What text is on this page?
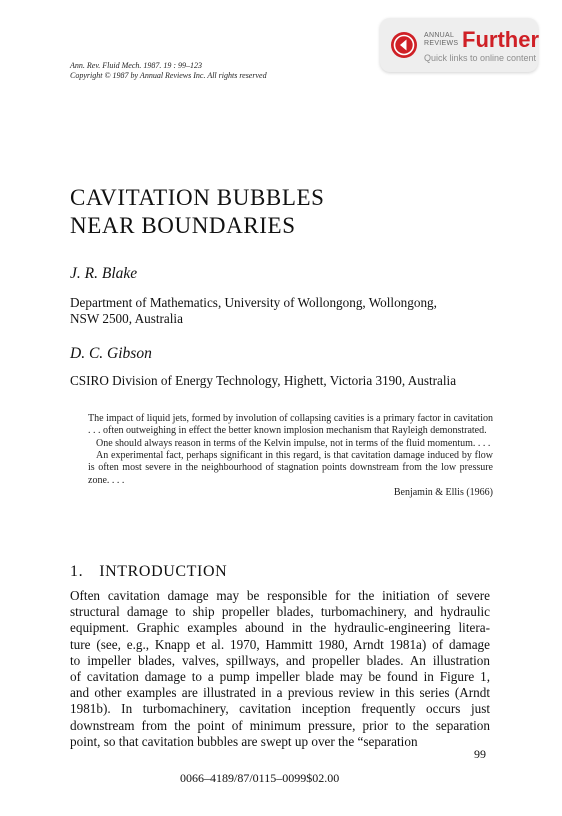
ANNUAL
REVIEWS Further
Quick links to online content
Ann. Rev. Fluid Mech. 1987. 19 : 99–123
Copyright © 1987 by Annual Reviews Inc. All rights reserved
CAVITATION BUBBLES
NEAR BOUNDARIES
J. R. Blake
Department of Mathematics, University of Wollongong, Wollongong,
NSW 2500, Australia
D. C. Gibson
CSIRO Division of Energy Technology, Highett, Victoria 3190, Australia

The impact of liquid jets, formed by involution of collapsing cavities is a primary factor in cavitation . . . often outweighing in effect the better known implosion mechanism that Rayleigh demonstrated.

One should always reason in terms of the Kelvin impulse, not in terms of the fluid momentum. . . .

An experimental fact, perhaps significant in this regard, is that cavitation damage induced by flow is often most severe in the neighbourhood of stagnation points downstream from the low pressure zone. . . .

Benjamin & Ellis (1966)

1. INTRODUCTION
Often cavitation damage may be responsible for the initiation of severe
structural damage to ship propeller blades, turbomachinery, and hydraulic
equipment. Graphic examples abound in the hydraulic-engineering litera-
ture (see, e.g., Knapp et al. 1970, Hammitt 1980, Arndt 1981a) of damage
to impeller blades, valves, spillways, and propeller blades. An illustration
of cavitation damage to a pump impeller blade may be found in Figure 1,
and other examples are illustrated in a previous review in this series (Arndt
1981b). In turbomachinery, cavitation inception frequently occurs just
downstream from the point of minimum pressure, prior to the separation
point, so that cavitation bubbles are swept up over the “separation
99
0066–4189/87/0115–0099$02.00
